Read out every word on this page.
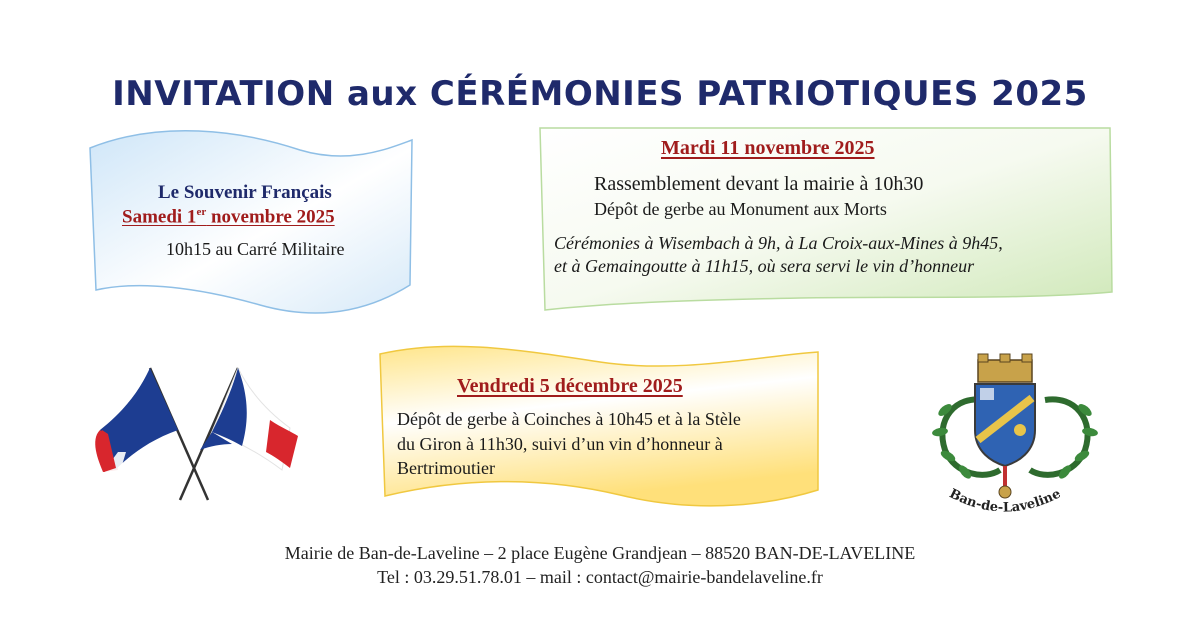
Ban-de-Laveline
INVITATION aux CÉRÉMONIES PATRIOTIQUES 2025
Le Souvenir Français
Samedi 1er novembre 2025
10h15 au Carré Militaire
Mardi 11 novembre 2025
Rassemblement devant la mairie à 10h30
Dépôt de gerbe au Monument aux Morts
Cérémonies à Wisembach à 9h, à La Croix-aux-Mines à 9h45,
et à Gemaingoutte à 11h15, où sera servi le vin d’honneur
Vendredi 5 décembre 2025
Dépôt de gerbe à Coinches à 10h45 et à la Stèle
du Giron à 11h30, suivi d’un vin d’honneur à
Bertrimoutier
Mairie de Ban-de-Laveline – 2 place Eugène Grandjean – 88520 BAN-DE-LAVELINE
Tel : 03.29.51.78.01 – mail : contact@mairie-bandelaveline.fr
